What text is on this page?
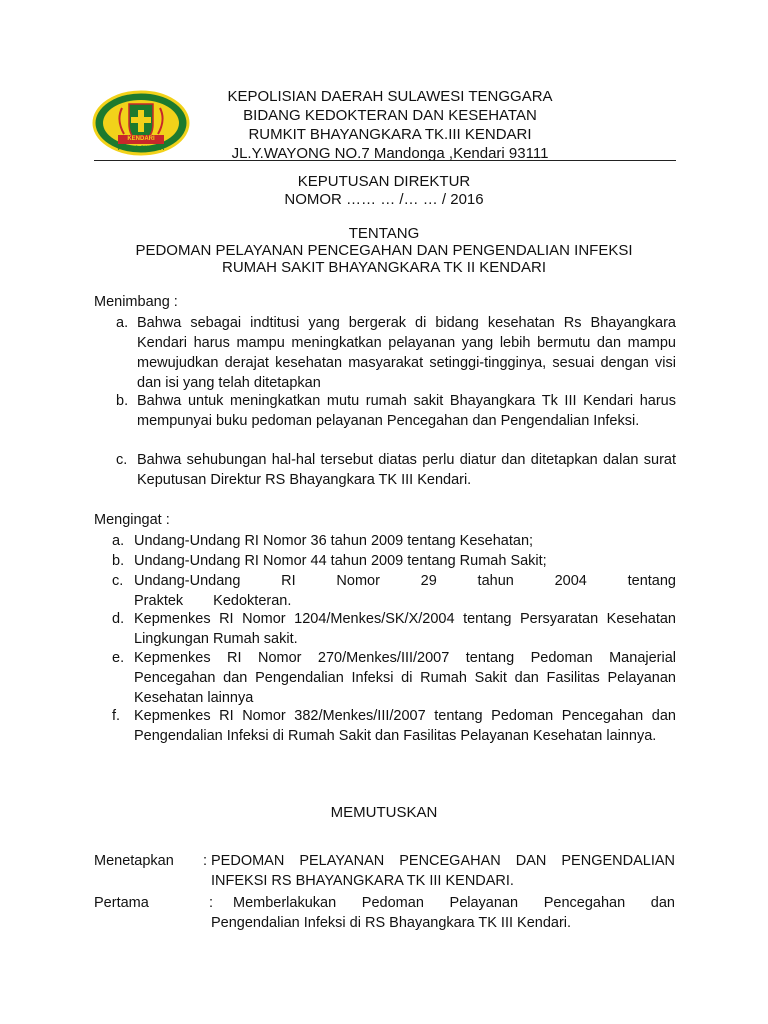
KENDARI
POLDA SULTRA
KEPOLISIAN DAERAH SULAWESI TENGGARA
BIDANG KEDOKTERAN DAN KESEHATAN
RUMKIT BHAYANGKARA TK.III KENDARI
JL.Y.WAYONG NO.7 Mandonga ,Kendari 93111
KEPUTUSAN DIREKTUR
NOMOR …… … /… … / 2016
TENTANG
PEDOMAN PELAYANAN PENCEGAHAN DAN PENGENDALIAN INFEKSI
RUMAH SAKIT BHAYANGKARA TK II KENDARI
Menimbang :
a. Bahwa sebagai indtitusi yang bergerak di bidang kesehatan Rs Bhayangkara Kendari harus mampu meningkatkan pelayanan yang lebih bermutu dan mampu mewujudkan derajat kesehatan masyarakat setinggi-tingginya, sesuai dengan visi dan isi yang telah ditetapkan
b. Bahwa untuk meningkatkan mutu rumah sakit Bhayangkara Tk III Kendari harus mempunyai buku pedoman pelayanan Pencegahan dan Pengendalian Infeksi.
c. Bahwa sehubungan hal-hal tersebut diatas perlu diatur dan ditetapkan dalan surat Keputusan Direktur RS Bhayangkara TK III Kendari.
Mengingat :
a. Undang-Undang RI Nomor 36 tahun 2009 tentang Kesehatan;
b. Undang-Undang RI Nomor 44 tahun 2009 tentang Rumah Sakit;
c. Undang-Undang RI Nomor 29 tahun 2004 tentang Praktek Kedokteran.
d. Kepmenkes RI Nomor 1204/Menkes/SK/X/2004 tentang Persyaratan Kesehatan Lingkungan Rumah sakit.
e. Kepmenkes RI Nomor 270/Menkes/III/2007 tentang Pedoman Manajerial Pencegahan dan Pengendalian Infeksi di Rumah Sakit dan Fasilitas Pelayanan Kesehatan lainnya
f. Kepmenkes RI Nomor 382/Menkes/III/2007 tentang Pedoman Pencegahan dan Pengendalian Infeksi di Rumah Sakit dan Fasilitas Pelayanan Kesehatan lainnya.
MEMUTUSKAN
Menetapkan : PEDOMAN PELAYANAN PENCEGAHAN DAN PENGENDALIAN INFEKSI RS BHAYANGKARA TK III KENDARI.
Pertama	:	Memberlakukan Pedoman Pelayanan Pencegahan dan Pengendalian Infeksi di RS Bhayangkara TK III Kendari.
